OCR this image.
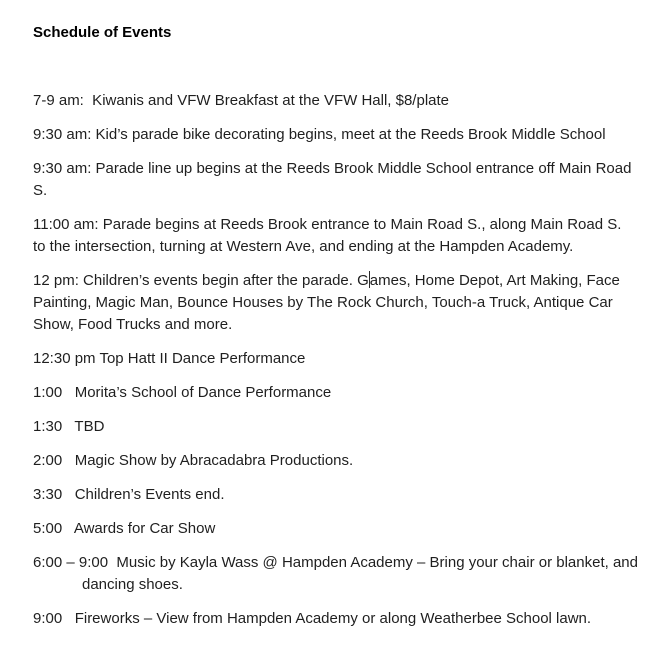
Schedule of Events

7-9 am:  Kiwanis and VFW Breakfast at the VFW Hall, $8/plate

9:30 am: Kid’s parade bike decorating begins, meet at the Reeds Brook Middle School

9:30 am: Parade line up begins at the Reeds Brook Middle School entrance off Main Road S.

11:00 am: Parade begins at Reeds Brook entrance to Main Road S., along Main Road S. to the intersection, turning at Western Ave, and ending at the Hampden Academy.

12 pm: Children’s events begin after the parade. Games, Home Depot, Art Making, Face Painting, Magic Man, Bounce Houses by The Rock Church, Touch-a Truck, Antique Car Show, Food Trucks and more.

12:30 pm Top Hatt II Dance Performance

1:00   Morita’s School of Dance Performance

1:30   TBD

2:00   Magic Show by Abracadabra Productions.

3:30   Children’s Events end.

5:00   Awards for Car Show

6:00 – 9:00  Music by Kayla Wass @ Hampden Academy – Bring your chair or blanket, and
dancing shoes.

9:00   Fireworks – View from Hampden Academy or along Weatherbee School lawn.
